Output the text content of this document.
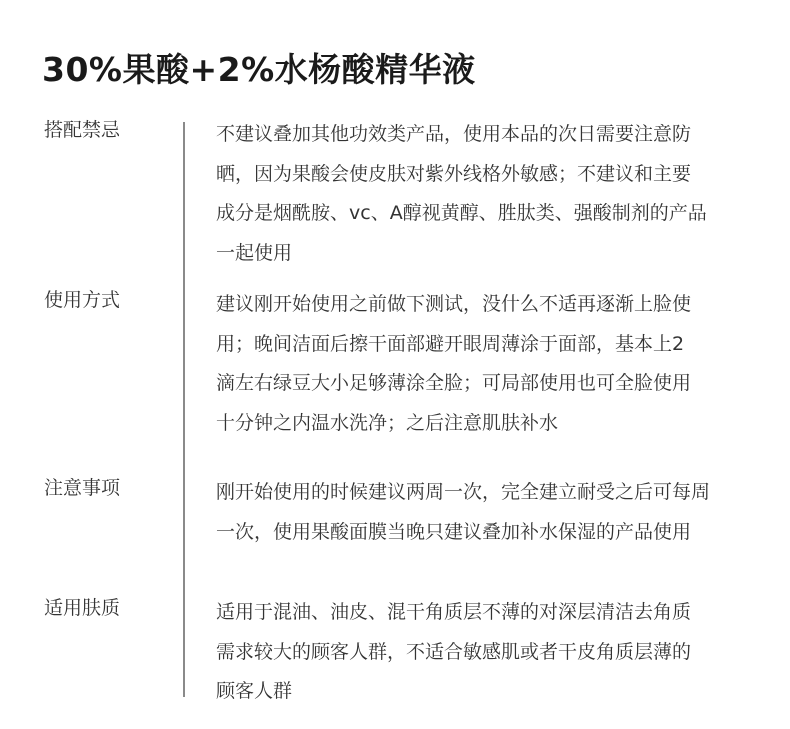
30%果酸+2%水杨酸精华液
搭配禁忌	不建议叠加其他功效类产品，使用本品的次日需要注意防
晒，因为果酸会使皮肤对紫外线格外敏感；不建议和主要
成分是烟酰胺、vc、A醇视黄醇、胜肽类、强酸制剂的产品
一起使用
使用方式	建议刚开始使用之前做下测试，没什么不适再逐渐上脸使
用；晚间洁面后擦干面部避开眼周薄涂于面部，基本上2
滴左右绿豆大小足够薄涂全脸；可局部使用也可全脸使用
十分钟之内温水洗净；之后注意肌肤补水
注意事项	刚开始使用的时候建议两周一次，完全建立耐受之后可每周
一次，使用果酸面膜当晚只建议叠加补水保湿的产品使用
适用肤质	适用于混油、油皮、混干角质层不薄的对深层清洁去角质
需求较大的顾客人群，不适合敏感肌或者干皮角质层薄的
顾客人群
